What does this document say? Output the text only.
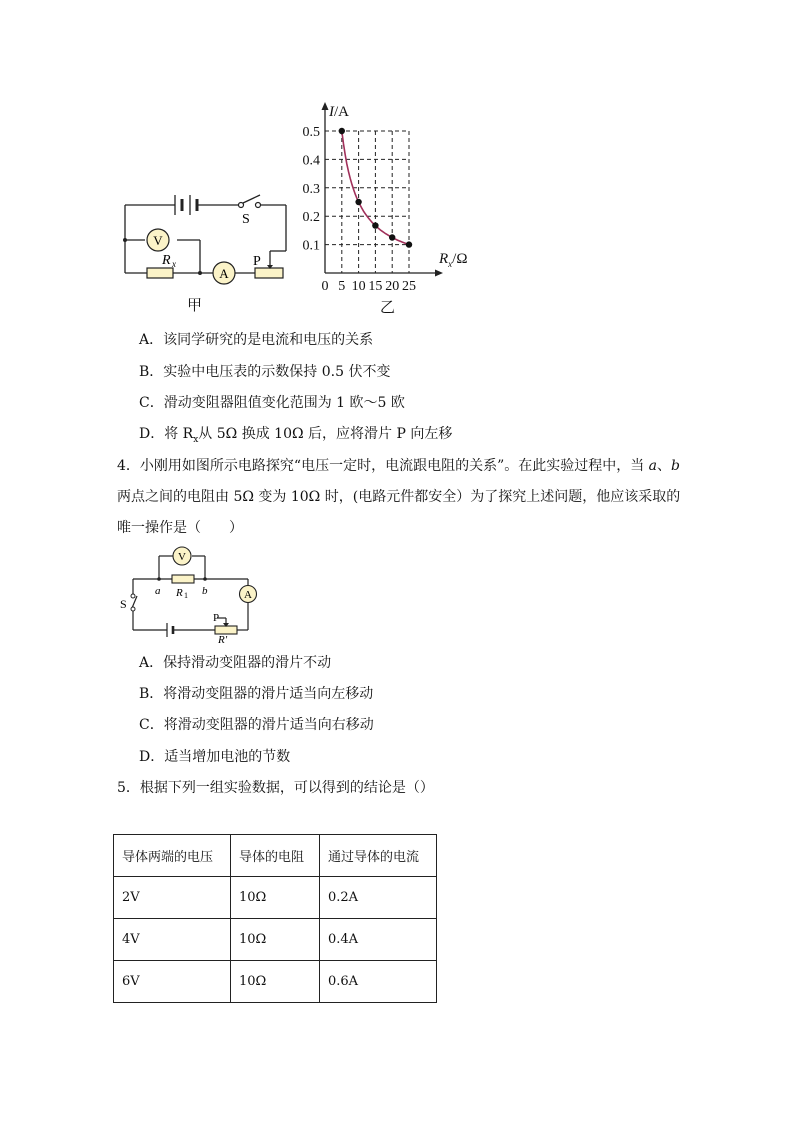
V
R x
A
P
S
甲
0 5 10 15 20 25
0.1
0.2
0.3
0.4
0.5
I/A
$R_x/\Omega$
乙
A．该同学研究的是电流和电压的关系
B．实验中电压表的示数保持 0.5 伏不变
C．滑动变阻器阻值变化范围为 1 欧～5 欧
D．将 $R_x$从 5Ω 换成 10Ω 后，应将滑片 P 向左移
4．小刚用如图所示电路探究“电压一定时，电流跟电阻的关系”。在此实验过程中，当 a、b
两点之间的电阻由 5Ω 变为 10Ω 时，(电路元件都安全）为了探究上述问题，他应该采取的
唯一操作是（　　）
V
A
S
a	b
R 1
P
R′
A．保持滑动变阻器的滑片不动
B．将滑动变阻器的滑片适当向左移动
C．将滑动变阻器的滑片适当向右移动
D．适当增加电池的节数
5．根据下列一组实验数据，可以得到的结论是（）
导体两端的电压	导体的电阻	通过导体的电流
2V	10Ω	0.2A
4V	10Ω	0.4A
6V	10Ω	0.6A
